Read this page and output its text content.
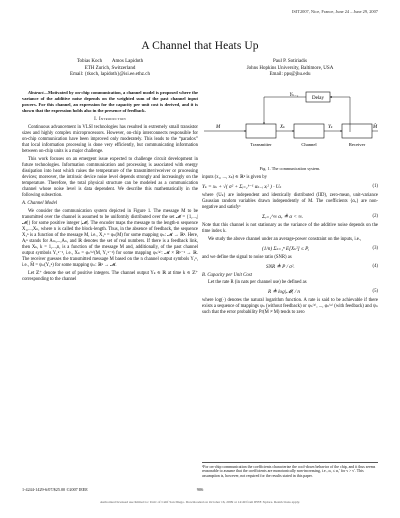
ISIT2007, Nice, France, June 24 – June 29, 2007
A Channel that Heats Up
Tobias Koch        Amos Lapidoth
ETH Zurich, Switzerland
Email: {tkoch, lapidoth}@isi.ee.ethz.ch
Paul P. Sotiriadis
Johns Hopkins University, Baltimore, USA
Email: pps@jhu.edu

Abstract—Motivated by on-chip communication, a channel model is proposed where the variance of the additive noise depends on the weighted sum of the past channel input powers. For this channel, an expression for the capacity per unit cost is derived, and it is shown that the expression holds also in the presence of feedback.

I. Introduction

Continuous advancement in VLSI technologies has resulted in extremely small transistor sizes and highly complex microprocessors. However, on-chip interconnects responsible for on-chip communication have been improved only moderately. This leads to the “paradox” that local information processing is done very efficiently, but communicating information between on-chip units is a major challenge.

This work focuses on an emergent issue expected to challenge circuit development in future technologies. Information communication and processing is associated with energy dissipation into heat which raises the temperature of the transmitter/receiver or processing devices; moreover, the intrinsic device noise level depends strongly and increasingly on the temperature. Therefore, the total physical structure can be modeled as a communication channel whose noise level is data dependent. We describe this mathematically in the following subsection.

A. Channel Model

We consider the communication system depicted in Figure 1. The message M to be transmitted over the channel is assumed to be uniformly distributed over the set 𝓜 = {1,...,|𝓜|} for some positive integer |𝓜|. The encoder maps the message to the length-n sequence X₁,...,Xₙ, where n is called the block-length. Thus, in the absence of feedback, the sequence X₁ⁿ is a function of the message M, i.e., X₁ⁿ = φₙ(M) for some mapping φₙ: 𝓜 → ℝⁿ. Here, Aᵢⁿ stands for Aₘ,...,Aₙ, and ℝ denotes the set of real numbers. If there is a feedback link, then Xₖ, k = 1,...,n, is a function of the message M and, additionally, of the past channel output symbols Y₁ᵏ⁻¹, i.e., Xₖ = φₙ⁽ᵏ⁾(M, Y₁ᵏ⁻¹) for some mapping φₙ⁽ᵏ⁾: 𝓜 × ℝᵏ⁻¹ → ℝ. The receiver guesses the transmitted message M based on the n channel output symbols Y₁ⁿ, i.e., M̂ = ψₙ(Y₁ⁿ) for some mapping ψₙ: ℝⁿ → 𝓜.

Let ℤ⁺ denote the set of positive integers. The channel output Yₖ ∈ ℝ at time k ∈ ℤ⁺ corresponding to the channel

Delay
Yₖ₋₁
M	Xₖ	Yₖ	M̂
Transmitter	Channel	Receiver
Fig. 1. The communication system.

inputs (x₁, ..., xₖ) ∈ ℝᵏ is given by

Yₖ = xₖ + √( σ² + Σᵢ₌₁ᵏ⁻¹ αₖ₋ᵢ xᵢ² ) · Uₖ	(1)

where {Uₖ} are independent and identically distributed (IID), zero-mean, unit-variance Gaussian random variables drawn independently of M. The coefficients {αᵥ} are non-negative and satisfy¹

Σᵥ₌₁^∞ αᵥ ≜ α < ∞.	(2)

Note that this channel is not stationary as the variance of the additive noise depends on the time index k.

We study the above channel under an average-power constraint on the inputs, i.e.,

(1/n) Σₖ₌₁ⁿ E[Xₖ²] ≤ P,	(3)

and we define the signal to noise ratio (SNR) as

SNR ≜ P / σ².	(4)
B. Capacity per Unit Cost

Let the rate R (in nats per channel use) be defined as

R ≜ log|𝓜| / n	(5)

where log(·) denotes the natural logarithm function. A rate is said to be achievable if there exists a sequence of mappings φₙ (without feedback) or φₙ⁽¹⁾, ..., φₙ⁽ⁿ⁾ (with feedback) and ψₙ such that the error probability Pr(M̂ ≠ M) tends to zero

¹For on-chip communication the coefficients characterize the cool-down behavior of the chip, and it thus seems reasonable to assume that the coefficients are monotonically non-increasing, i.e., αᵥ ≤ αᵥ′ for ν > ν′. This assumption is, however, not required for the results stated in this paper.
1-4244-1429-6/07/$25.00 ©2007 IEEE	906
Authorized licensed use limited to: Univ of Calif San Diego. Downloaded on October 16, 2009 at 14:49 from IEEE Xplore. Restrictions apply.
